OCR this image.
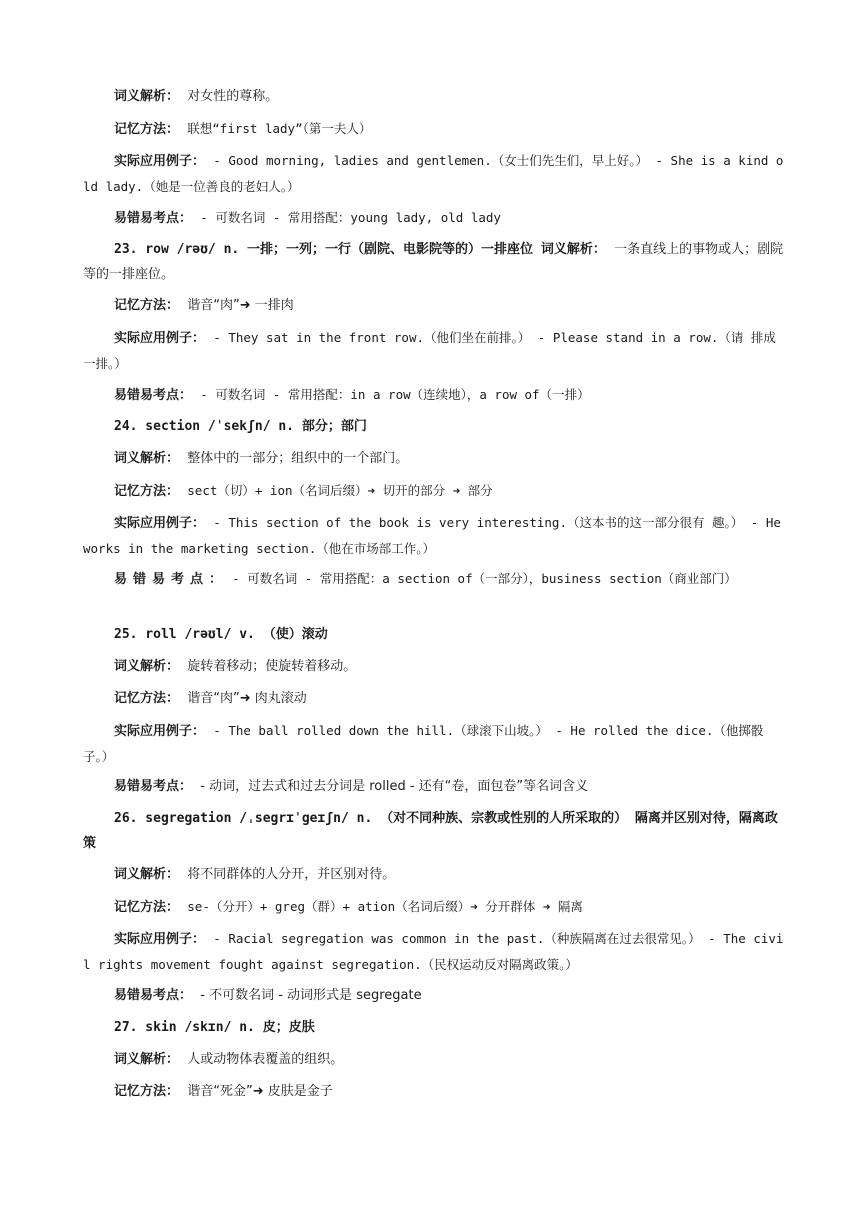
词义解析： 对女性的尊称。

记忆方法： 联想“first lady”（第一夫人）

实际应用例子： - Good morning, ladies and gentlemen.（女士们先生们，早上好。） - She is a kind old lady.（她是一位善良的老妇人。）

易错易考点： - 可数名词 - 常用搭配：young lady, old lady

23. row /rəʊ/ n. 一排；一列；一行（剧院、电影院等的）一排座位 词义解析： 一条直线上的事物或人；剧院等的一排座位。

记忆方法： 谐音“肉”➜ 一排肉

实际应用例子： - They sat in the front row.（他们坐在前排。） - Please stand in a row.（请 排成一排。）

易错易考点： - 可数名词 - 常用搭配：in a row（连续地），a row of（一排）

24. section /ˈsekʃn/ n. 部分；部门

词义解析： 整体中的一部分；组织中的一个部门。

记忆方法： sect（切）+ ion（名词后缀）➜ 切开的部分 ➜ 部分

实际应用例子： - This section of the book is very interesting.（这本书的这一部分很有 趣。） - He works in the marketing section.（他在市场部工作。）

易错易考点： - 可数名词 - 常用搭配：a section of（一部分），business section（商业部门）

25. roll /rəʊl/ v. （使）滚动

词义解析： 旋转着移动；使旋转着移动。

记忆方法： 谐音“肉”➜ 肉丸滚动

实际应用例子： - The ball rolled down the hill.（球滚下山坡。） - He rolled the dice.（他掷骰子。）

易错易考点： - 动词，过去式和过去分词是 rolled - 还有“卷，面包卷”等名词含义

26. segregation /ˌsegrɪˈgeɪʃn/ n. （对不同种族、宗教或性别的人所采取的） 隔离并区别对待，隔离政策

词义解析： 将不同群体的人分开，并区别对待。

记忆方法： se-（分开）+ greg（群）+ ation（名词后缀）➜ 分开群体 ➜ 隔离

实际应用例子： - Racial segregation was common in the past.（种族隔离在过去很常见。） - The civil rights movement fought against segregation.（民权运动反对隔离政策。）

易错易考点： - 不可数名词 - 动词形式是 segregate

27. skin /skɪn/ n. 皮；皮肤

词义解析： 人或动物体表覆盖的组织。

记忆方法： 谐音“死金”➜ 皮肤是金子
